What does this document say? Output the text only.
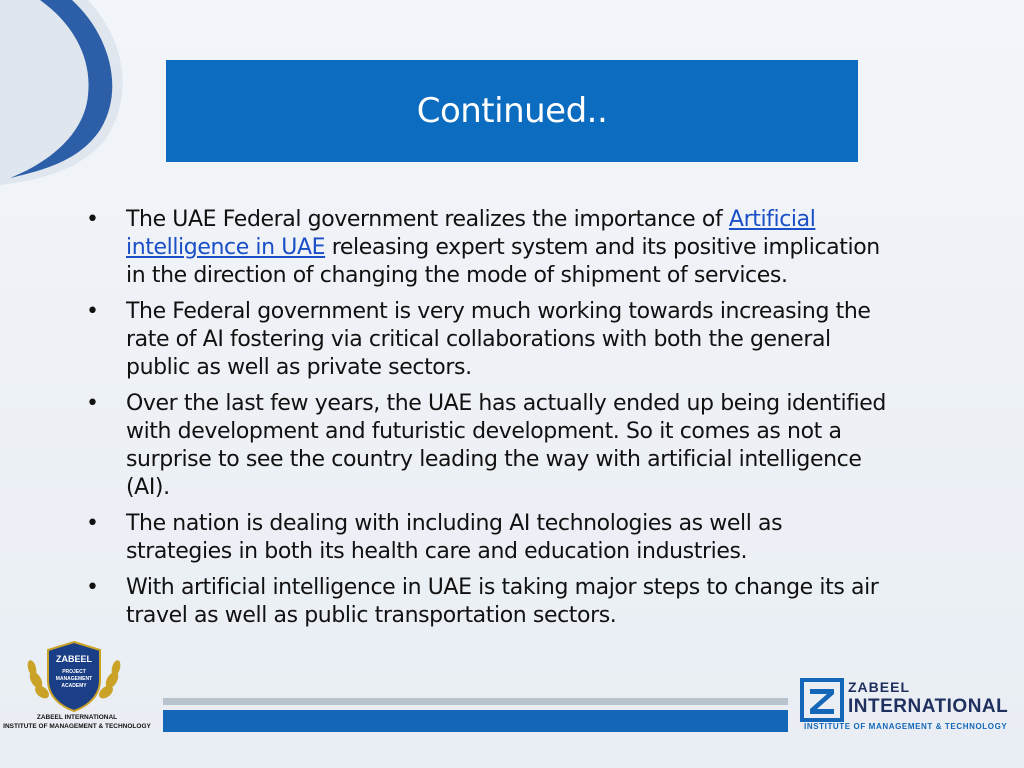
Continued..
• The UAE Federal government realizes the importance of Artificial intelligence in UAE releasing expert system and its positive implication in the direction of changing the mode of shipment of services.
• The Federal government is very much working towards increasing the rate of AI fostering via critical collaborations with both the general public as well as private sectors.
• Over the last few years, the UAE has actually ended up being identified with development and futuristic development. So it comes as not a surprise to see the country leading the way with artificial intelligence (AI).
• The nation is dealing with including AI technologies as well as strategies in both its health care and education industries.
• With artificial intelligence in UAE is taking major steps to change its air travel as well as public transportation sectors.
ZABEEL
PROJECT
MANAGEMENT
ACADEMY
ZABEEL INTERNATIONAL
INSTITUTE OF MANAGEMENT & TECHNOLOGY
ZABEEL
INTERNATIONAL
INSTITUTE OF MANAGEMENT & TECHNOLOGY
